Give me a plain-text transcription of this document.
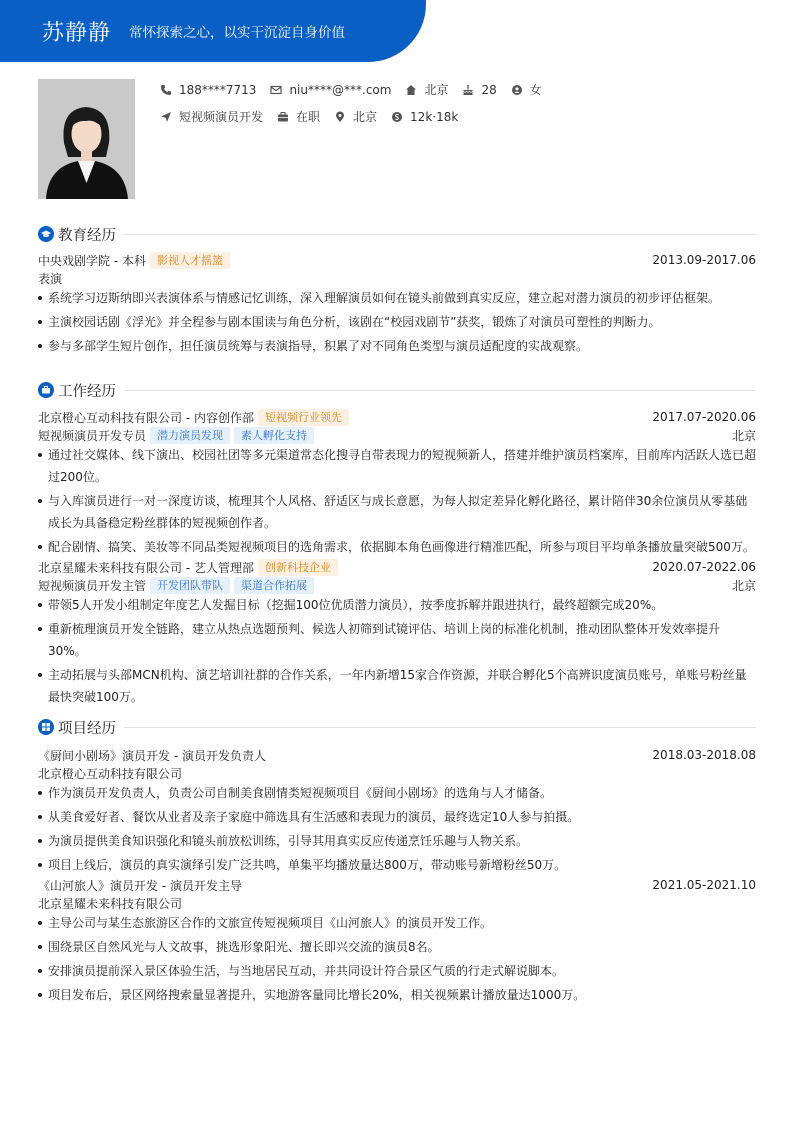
苏静静 常怀探索之心，以实干沉淀自身价值
188****7713	niu****@***.com	北京	28	女
短视频演员开发	在职	北京	12k·18k
教育经历
中央戏剧学院 - 本科	影视人才摇篮	2013.09-2017.06
表演
系统学习迈斯纳即兴表演体系与情感记忆训练，深入理解演员如何在镜头前做到真实反应，建立起对潜力演员的初步评估框架。
主演校园话剧《浮光》并全程参与剧本围读与角色分析，该剧在“校园戏剧节”获奖，锻炼了对演员可塑性的判断力。
参与多部学生短片创作，担任演员统筹与表演指导，积累了对不同角色类型与演员适配度的实战观察。
工作经历
北京橙心互动科技有限公司 - 内容创作部	短视频行业领先	2017.07-2020.06
短视频演员开发专员	潜力演员发现	素人孵化支持	北京
通过社交媒体、线下演出、校园社团等多元渠道常态化搜寻自带表现力的短视频新人，搭建并维护演员档案库，目前库内活跃人选已超过200位。
与入库演员进行一对一深度访谈，梳理其个人风格、舒适区与成长意愿，为每人拟定差异化孵化路径，累计陪伴30余位演员从零基础成长为具备稳定粉丝群体的短视频创作者。
配合剧情、搞笑、美妆等不同品类短视频项目的选角需求，依据脚本角色画像进行精准匹配，所参与项目平均单条播放量突破500万。
北京星耀未来科技有限公司 - 艺人管理部	创新科技企业	2020.07-2022.06
短视频演员开发主管	开发团队带队	渠道合作拓展	北京
带领5人开发小组制定年度艺人发掘目标（挖掘100位优质潜力演员），按季度拆解并跟进执行，最终超额完成20%。
重新梳理演员开发全链路，建立从热点选题预判、候选人初筛到试镜评估、培训上岗的标准化机制，推动团队整体开发效率提升30%。
主动拓展与头部MCN机构、演艺培训社群的合作关系，一年内新增15家合作资源，并联合孵化5个高辨识度演员账号，单账号粉丝量最快突破100万。
项目经历
《厨间小剧场》演员开发 - 演员开发负责人	2018.03-2018.08
北京橙心互动科技有限公司
作为演员开发负责人，负责公司自制美食剧情类短视频项目《厨间小剧场》的选角与人才储备。
从美食爱好者、餐饮从业者及亲子家庭中筛选具有生活感和表现力的演员，最终选定10人参与拍摄。
为演员提供美食知识强化和镜头前放松训练，引导其用真实反应传递烹饪乐趣与人物关系。
项目上线后，演员的真实演绎引发广泛共鸣，单集平均播放量达800万，带动账号新增粉丝50万。
《山河旅人》演员开发 - 演员开发主导	2021.05-2021.10
北京星耀未来科技有限公司
主导公司与某生态旅游区合作的文旅宣传短视频项目《山河旅人》的演员开发工作。
围绕景区自然风光与人文故事，挑选形象阳光、擅长即兴交流的演员8名。
安排演员提前深入景区体验生活，与当地居民互动，并共同设计符合景区气质的行走式解说脚本。
项目发布后，景区网络搜索量显著提升，实地游客量同比增长20%，相关视频累计播放量达1000万。
